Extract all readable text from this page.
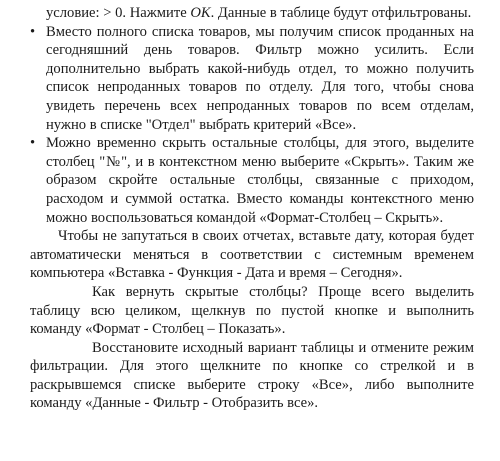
условие: > 0. Нажмите ОК. Данные в таблице будут отфильтрованы.
• Вместо полного списка товаров, мы получим список проданных на сегодняшний день товаров. Фильтр можно усилить. Если дополнительно выбрать какой-нибудь отдел, то можно получить список непроданных товаров по отделу. Для того, чтобы снова увидеть перечень всех непроданных товаров по всем отделам, нужно в списке "Отдел" выбрать критерий «Все».
• Можно временно скрыть остальные столбцы, для этого, выделите столбец "№", и в контекстном меню выберите «Скрыть». Таким же образом скройте остальные столбцы, связанные с приходом, расходом и суммой остатка. Вместо команды контекстного меню можно воспользоваться командой «Формат-Столбец – Скрыть».
Чтобы не запутаться в своих отчетах, вставьте дату, которая будет автоматически меняться в соответствии с системным временем компьютера «Вставка - Функция - Дата и время – Сегодня».
Как вернуть скрытые столбцы? Проще всего выделить таблицу всю целиком, щелкнув по пустой кнопке и выполнить команду «Формат - Столбец – Показать».
Восстановите исходный вариант таблицы и отмените режим фильтрации. Для этого щелкните по кнопке со стрелкой и в раскрывшемся списке выберите строку «Все», либо выполните команду «Данные - Фильтр - Отобразить все».
